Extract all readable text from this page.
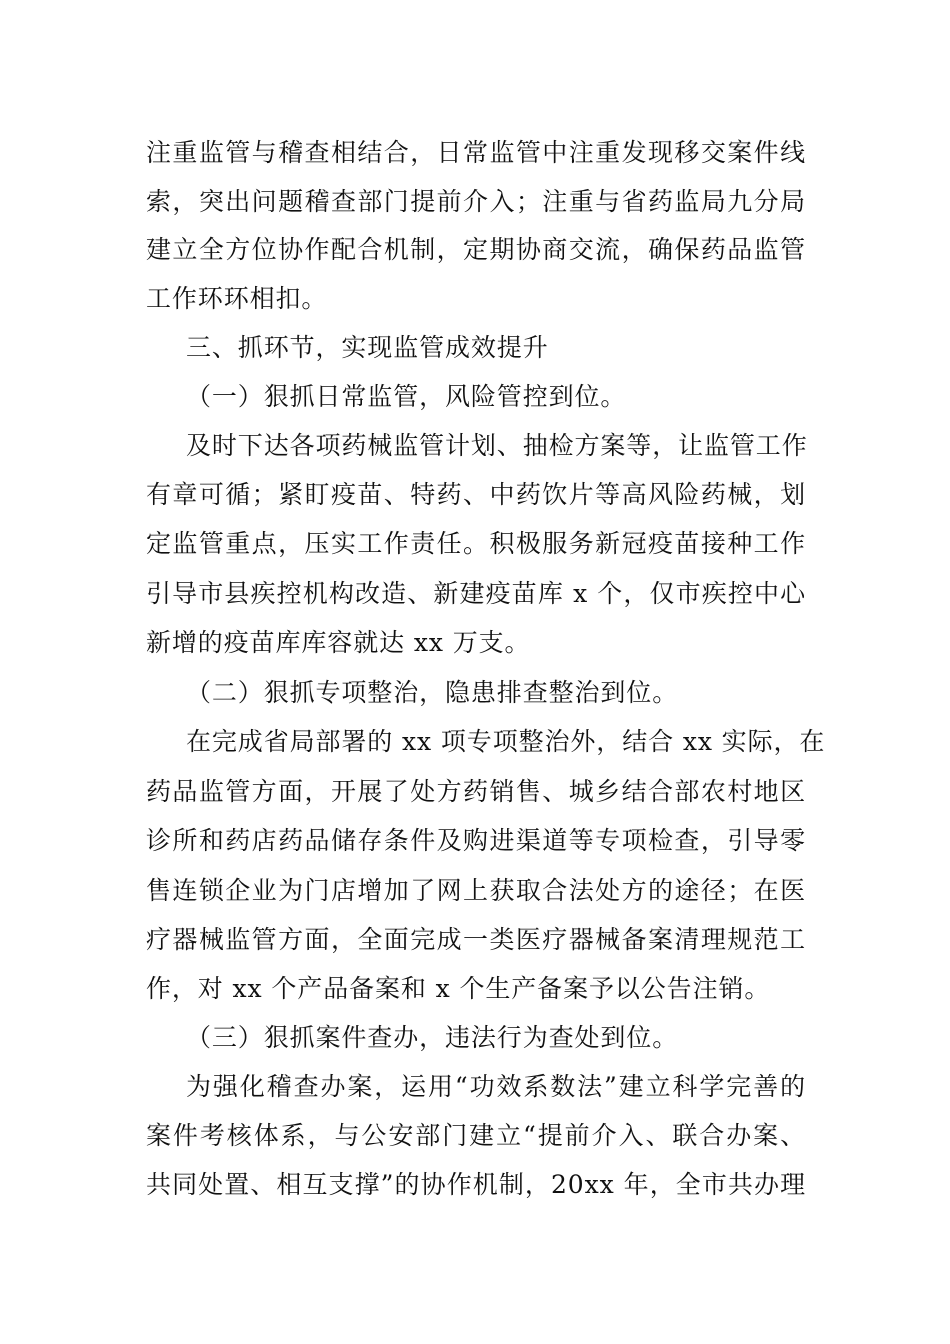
注重监管与稽查相结合，日常监管中注重发现移交案件线
索，突出问题稽查部门提前介入；注重与省药监局九分局
建立全方位协作配合机制，定期协商交流，确保药品监管
工作环环相扣。
三、抓环节，实现监管成效提升
（一）狠抓日常监管，风险管控到位。
及时下达各项药械监管计划、抽检方案等，让监管工作
有章可循；紧盯疫苗、特药、中药饮片等高风险药械，划
定监管重点，压实工作责任。积极服务新冠疫苗接种工作
引导市县疾控机构改造、新建疫苗库 x 个，仅市疾控中心
新增的疫苗库库容就达 xx 万支。
（二）狠抓专项整治，隐患排查整治到位。
在完成省局部署的 xx 项专项整治外，结合 xx 实际，在
药品监管方面，开展了处方药销售、城乡结合部农村地区
诊所和药店药品储存条件及购进渠道等专项检查，引导零
售连锁企业为门店增加了网上获取合法处方的途径；在医
疗器械监管方面，全面完成一类医疗器械备案清理规范工
作，对 xx 个产品备案和 x 个生产备案予以公告注销。
（三）狠抓案件查办，违法行为查处到位。
为强化稽查办案，运用“功效系数法”建立科学完善的
案件考核体系，与公安部门建立“提前介入、联合办案、
共同处置、相互支撑”的协作机制，20xx 年，全市共办理
